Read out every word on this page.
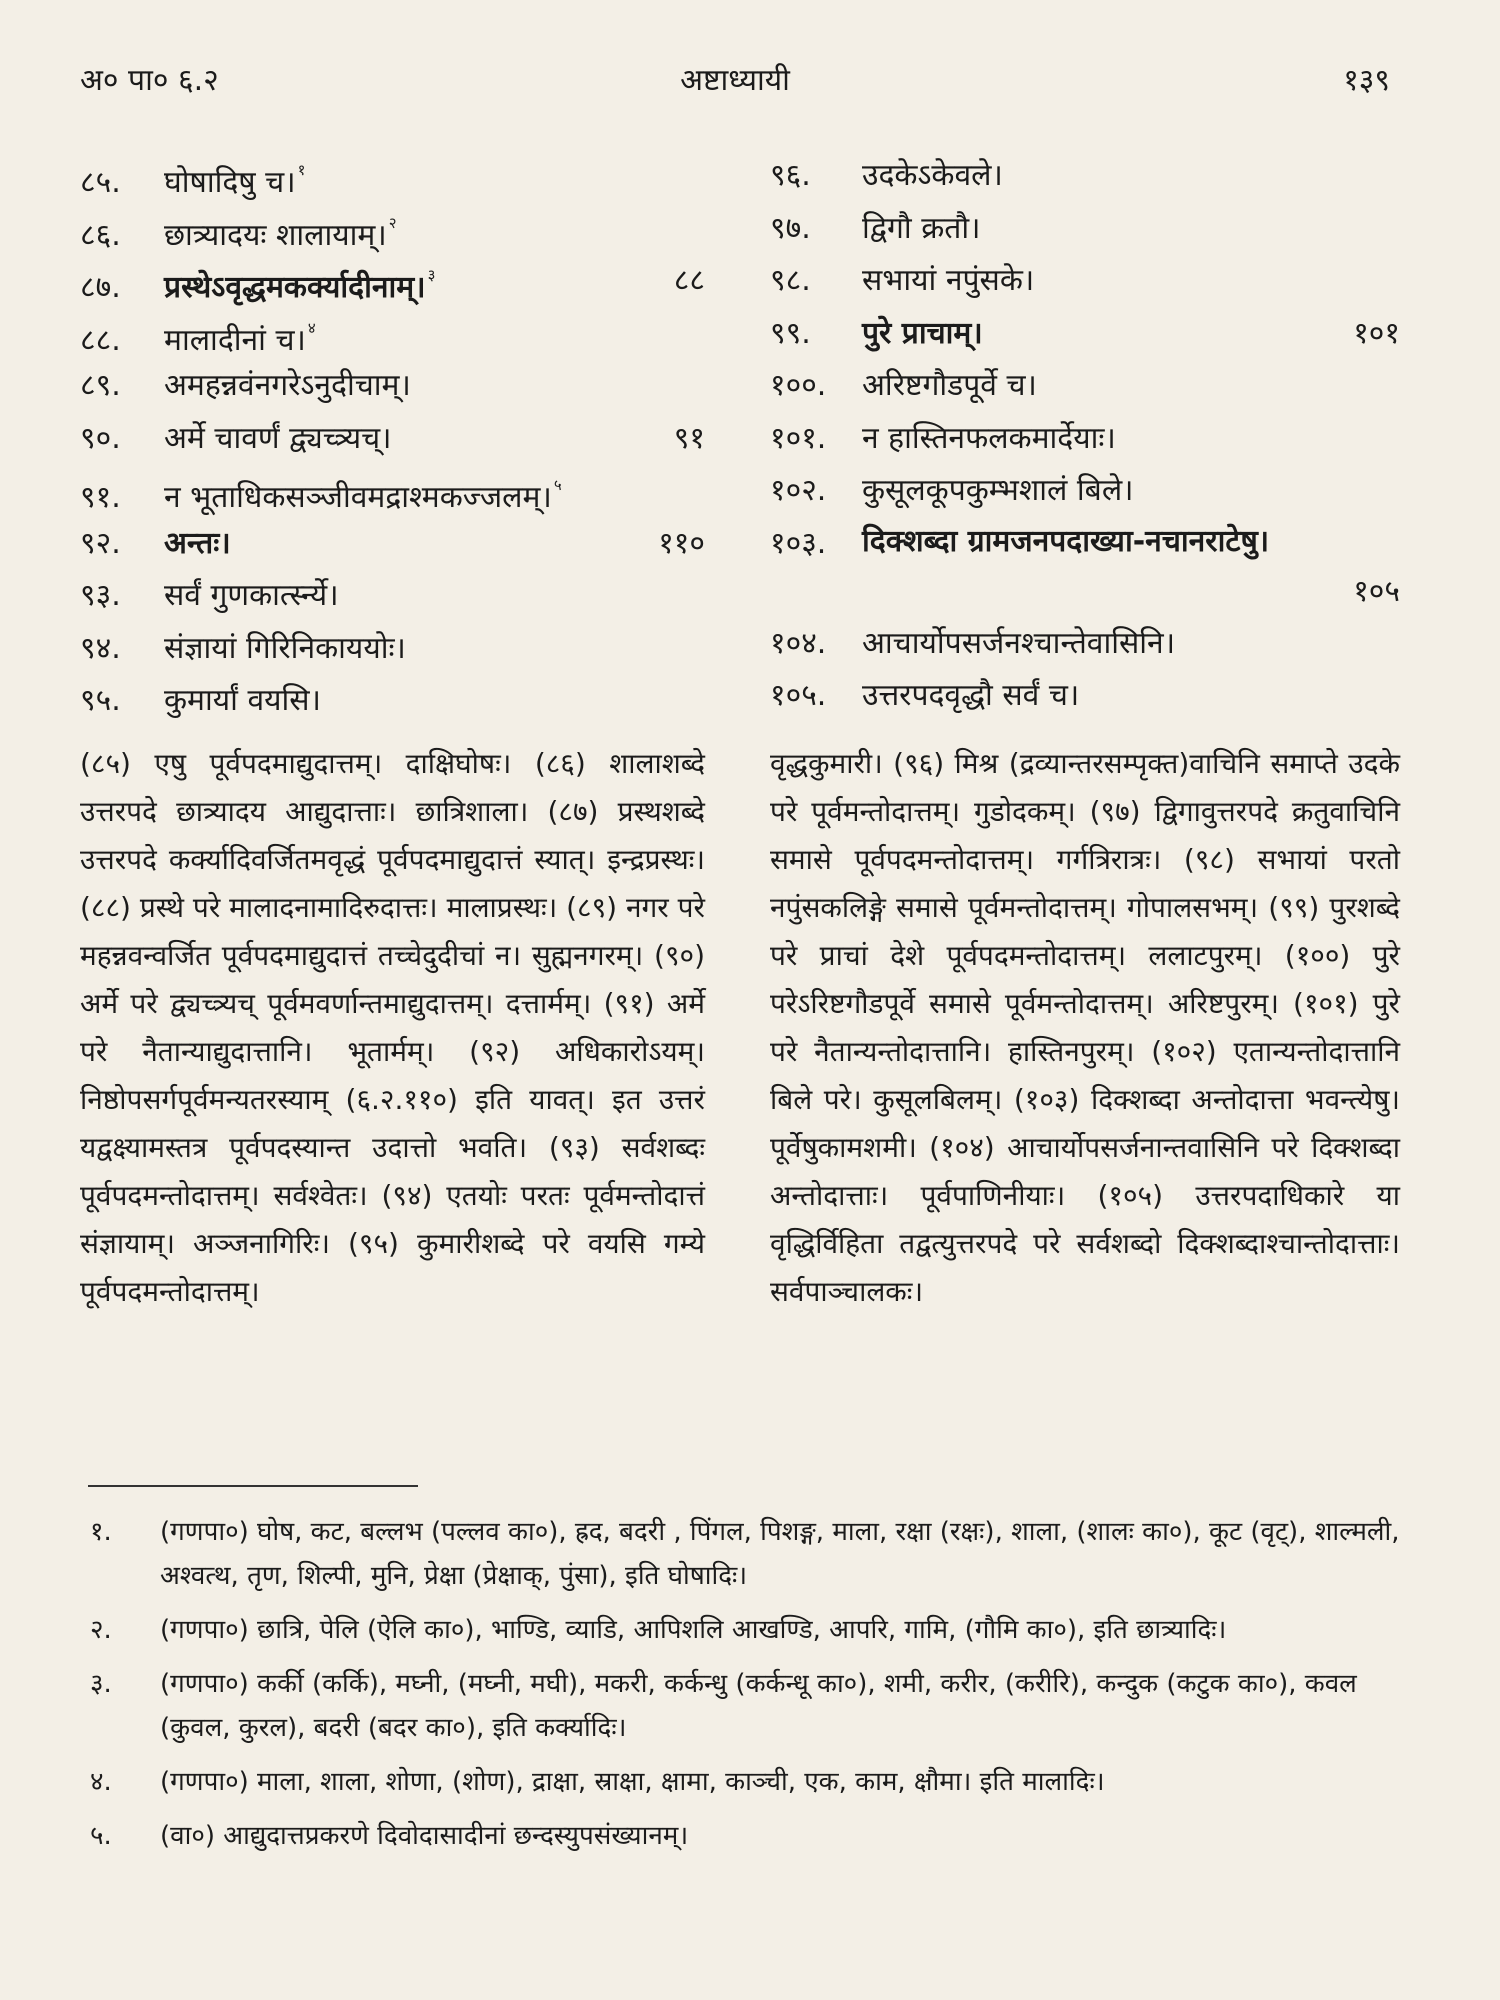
अ० पा० ६.२	अष्टाध्यायी	१३९
८५. घोषादिषु च। $^१$
८६. छात्र्यादयः शालायाम्। $^२$
८७. प्रस्थेऽवृद्धमकर्क्यादीनाम्। $^३$	८८
८८. मालादीनां च। $^४$
८९. अमहन्नवंनगरेऽनुदीचाम्।
९०. अर्मे चावर्णं द्व्यच्त्र्यच्।	९१
९१. न भूताधिकसञ्जीवमद्राश्मकज्जलम्। $^५$
९२. अन्तः।	११०
९३. सर्वं गुणकार्त्स्न्ये।
९४. संज्ञायां गिरिनिकाययोः।
९५. कुमार्यां वयसि।
९६. उदकेऽकेवले।
९७. द्विगौ क्रतौ।
९८. सभायां नपुंसके।
९९. पुरे प्राचाम्।	१०१
१००. अरिष्टगौडपूर्वे च।
१०१. न हास्तिनफलकमार्देयाः।
१०२. कुसूलकूपकुम्भशालं बिले।
१०३. दिक्शब्दा ग्रामजनपदाख्या-नचानराटेषु।
१०५
१०४. आचार्योपसर्जनश्चान्तेवासिनि।
१०५. उत्तरपदवृद्धौ सर्वं च।

(८५) एषु पूर्वपदमाद्युदात्तम्। दाक्षिघोषः। (८६) शालाशब्दे उत्तरपदे छात्र्यादय आद्युदात्ताः। छात्रिशाला। (८७) प्रस्थशब्दे उत्तरपदे कर्क्यादिवर्जितमवृद्धं पूर्वपदमाद्युदात्तं स्यात्। इन्द्रप्रस्थः। (८८) प्रस्थे परे मालादनामादिरुदात्तः। मालाप्रस्थः। (८९) नगर परे महन्नवन्वर्जित पूर्वपदमाद्युदात्तं तच्चेदुदीचां न। सुह्मनगरम्। (९०) अर्मे परे द्व्यच्त्र्यच् पूर्वमवर्णान्तमाद्युदात्तम्। दत्तार्मम्। (९१) अर्मे परे नैतान्याद्युदात्तानि। भूतार्मम्। (९२) अधिकारोऽयम्। निष्ठोपसर्गपूर्वमन्यतरस्याम् (६.२.११०) इति यावत्। इत उत्तरं यद्वक्ष्यामस्तत्र पूर्वपदस्यान्त उदात्तो भवति। (९३) सर्वशब्दः पूर्वपदमन्तोदात्तम्। सर्वश्वेतः। (९४) एतयोः परतः पूर्वमन्तोदात्तं संज्ञायाम्। अञ्जनागिरिः। (९५) कुमारीशब्दे परे वयसि गम्ये पूर्वपदमन्तोदात्तम्।

वृद्धकुमारी। (९६) मिश्र (द्रव्यान्तरसम्पृक्त)वाचिनि समाप्ते उदके परे पूर्वमन्तोदात्तम्। गुडोदकम्। (९७) द्विगावुत्तरपदे क्रतुवाचिनि समासे पूर्वपदमन्तोदात्तम्। गर्गत्रिरात्रः। (९८) सभायां परतो नपुंसकलिङ्गे समासे पूर्वमन्तोदात्तम्। गोपालसभम्। (९९) पुरशब्दे परे प्राचां देशे पूर्वपदमन्तोदात्तम्। ललाटपुरम्। (१००) पुरे परेऽरिष्टगौडपूर्वे समासे पूर्वमन्तोदात्तम्। अरिष्टपुरम्। (१०१) पुरे परे नैतान्यन्तोदात्तानि। हास्तिनपुरम्। (१०२) एतान्यन्तोदात्तानि बिले परे। कुसूलबिलम्। (१०३) दिक्शब्दा अन्तोदात्ता भवन्त्येषु। पूर्वेषुकामशमी। (१०४) आचार्योपसर्जनान्तवासिनि परे दिक्शब्दा अन्तोदात्ताः। पूर्वपाणिनीयाः। (१०५) उत्तरपदाधिकारे या वृद्धिर्विहिता तद्वत्युत्तरपदे परे सर्वशब्दो दिक्शब्दाश्चान्तोदात्ताः। सर्वपाञ्चालकः।

१. (गणपा०) घोष, कट, बल्लभ (पल्लव का०), ह्रद, बदरी , पिंगल, पिशङ्ग, माला, रक्षा (रक्षः), शाला, (शालः का०), कूट (वृट्), शाल्मली, अश्वत्थ, तृण, शिल्पी, मुनि, प्रेक्षा (प्रेक्षाक्, पुंसा), इति घोषादिः।
२. (गणपा०) छात्रि, पेलि (ऐलि का०), भाण्डि, व्याडि, आपिशलि आखण्डि, आपरि, गामि, (गौमि का०), इति छात्र्यादिः।
३. (गणपा०) कर्की (कर्कि), मघ्नी, (मघ्नी, मघी), मकरी, कर्कन्धु (कर्कन्धू का०), शमी, करीर, (करीरि), कन्दुक (कटुक का०), कवल (कुवल, कुरल), बदरी (बदर का०), इति कर्क्यादिः।
४. (गणपा०) माला, शाला, शोणा, (शोण), द्राक्षा, स्राक्षा, क्षामा, काञ्ची, एक, काम, क्षौमा। इति मालादिः।
५. (वा०) आद्युदात्तप्रकरणे दिवोदासादीनां छन्दस्युपसंख्यानम्।
